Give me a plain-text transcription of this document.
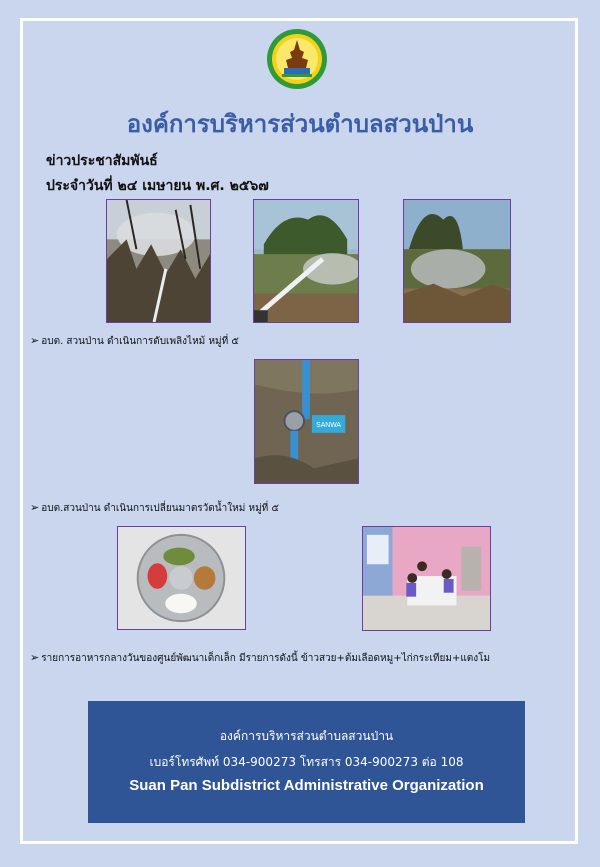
องค์การบริหารส่วนตำบลสวนป่าน
ข่าวประชาสัมพันธ์
ประจำวันที่ ๒๔ เมษายน พ.ศ. ๒๕๖๗
➢ อบต. สวนป่าน ดำเนินการดับเพลิงไหม้ หมู่ที่ ๕
SANWA
➢ อบต.สวนป่าน ดำเนินการเปลี่ยนมาตรวัดน้ำใหม่ หมู่ที่ ๕
➢ รายการอาหารกลางวันของศูนย์พัฒนาเด็กเล็ก มีรายการดังนี้ ข้าวสวย+ต้มเลือดหมู+ไก่กระเทียม+แตงโม
องค์การบริหารส่วนตำบลสวนป่าน
เบอร์โทรศัพท์ 034-900273 โทรสาร 034-900273 ต่อ 108
Suan Pan Subdistrict Administrative Organization
